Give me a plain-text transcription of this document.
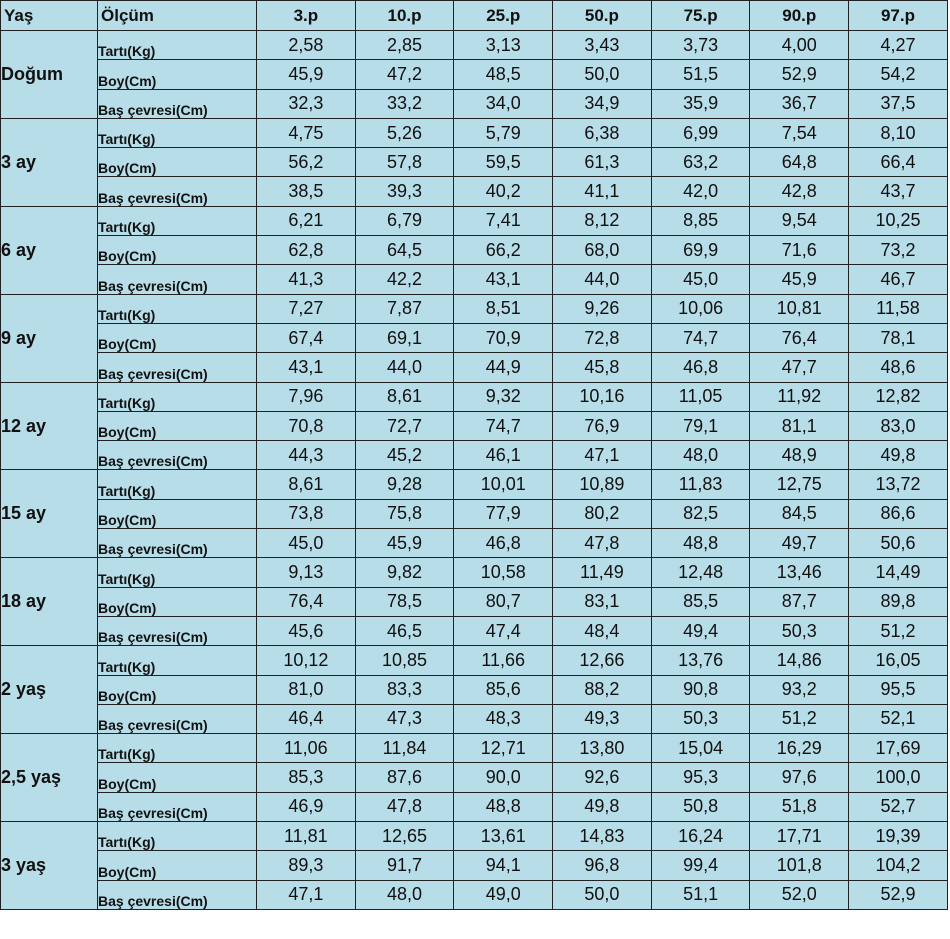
Yaş	Ölçüm	3.p	10.p	25.p	50.p	75.p	90.p	97.p
Doğum	Tartı(Kg)	2,58	2,85	3,13	3,43	3,73	4,00	4,27
	Boy(Cm)	45,9	47,2	48,5	50,0	51,5	52,9	54,2
	Baş çevresi(Cm)	32,3	33,2	34,0	34,9	35,9	36,7	37,5
3 ay	Tartı(Kg)	4,75	5,26	5,79	6,38	6,99	7,54	8,10
	Boy(Cm)	56,2	57,8	59,5	61,3	63,2	64,8	66,4
	Baş çevresi(Cm)	38,5	39,3	40,2	41,1	42,0	42,8	43,7
6 ay	Tartı(Kg)	6,21	6,79	7,41	8,12	8,85	9,54	10,25
	Boy(Cm)	62,8	64,5	66,2	68,0	69,9	71,6	73,2
	Baş çevresi(Cm)	41,3	42,2	43,1	44,0	45,0	45,9	46,7
9 ay	Tartı(Kg)	7,27	7,87	8,51	9,26	10,06	10,81	11,58
	Boy(Cm)	67,4	69,1	70,9	72,8	74,7	76,4	78,1
	Baş çevresi(Cm)	43,1	44,0	44,9	45,8	46,8	47,7	48,6
12 ay	Tartı(Kg)	7,96	8,61	9,32	10,16	11,05	11,92	12,82
	Boy(Cm)	70,8	72,7	74,7	76,9	79,1	81,1	83,0
	Baş çevresi(Cm)	44,3	45,2	46,1	47,1	48,0	48,9	49,8
15 ay	Tartı(Kg)	8,61	9,28	10,01	10,89	11,83	12,75	13,72
	Boy(Cm)	73,8	75,8	77,9	80,2	82,5	84,5	86,6
	Baş çevresi(Cm)	45,0	45,9	46,8	47,8	48,8	49,7	50,6
18 ay	Tartı(Kg)	9,13	9,82	10,58	11,49	12,48	13,46	14,49
	Boy(Cm)	76,4	78,5	80,7	83,1	85,5	87,7	89,8
	Baş çevresi(Cm)	45,6	46,5	47,4	48,4	49,4	50,3	51,2
2 yaş	Tartı(Kg)	10,12	10,85	11,66	12,66	13,76	14,86	16,05
	Boy(Cm)	81,0	83,3	85,6	88,2	90,8	93,2	95,5
	Baş çevresi(Cm)	46,4	47,3	48,3	49,3	50,3	51,2	52,1
2,5 yaş	Tartı(Kg)	11,06	11,84	12,71	13,80	15,04	16,29	17,69
	Boy(Cm)	85,3	87,6	90,0	92,6	95,3	97,6	100,0
	Baş çevresi(Cm)	46,9	47,8	48,8	49,8	50,8	51,8	52,7
3 yaş	Tartı(Kg)	11,81	12,65	13,61	14,83	16,24	17,71	19,39
	Boy(Cm)	89,3	91,7	94,1	96,8	99,4	101,8	104,2
	Baş çevresi(Cm)	47,1	48,0	49,0	50,0	51,1	52,0	52,9
